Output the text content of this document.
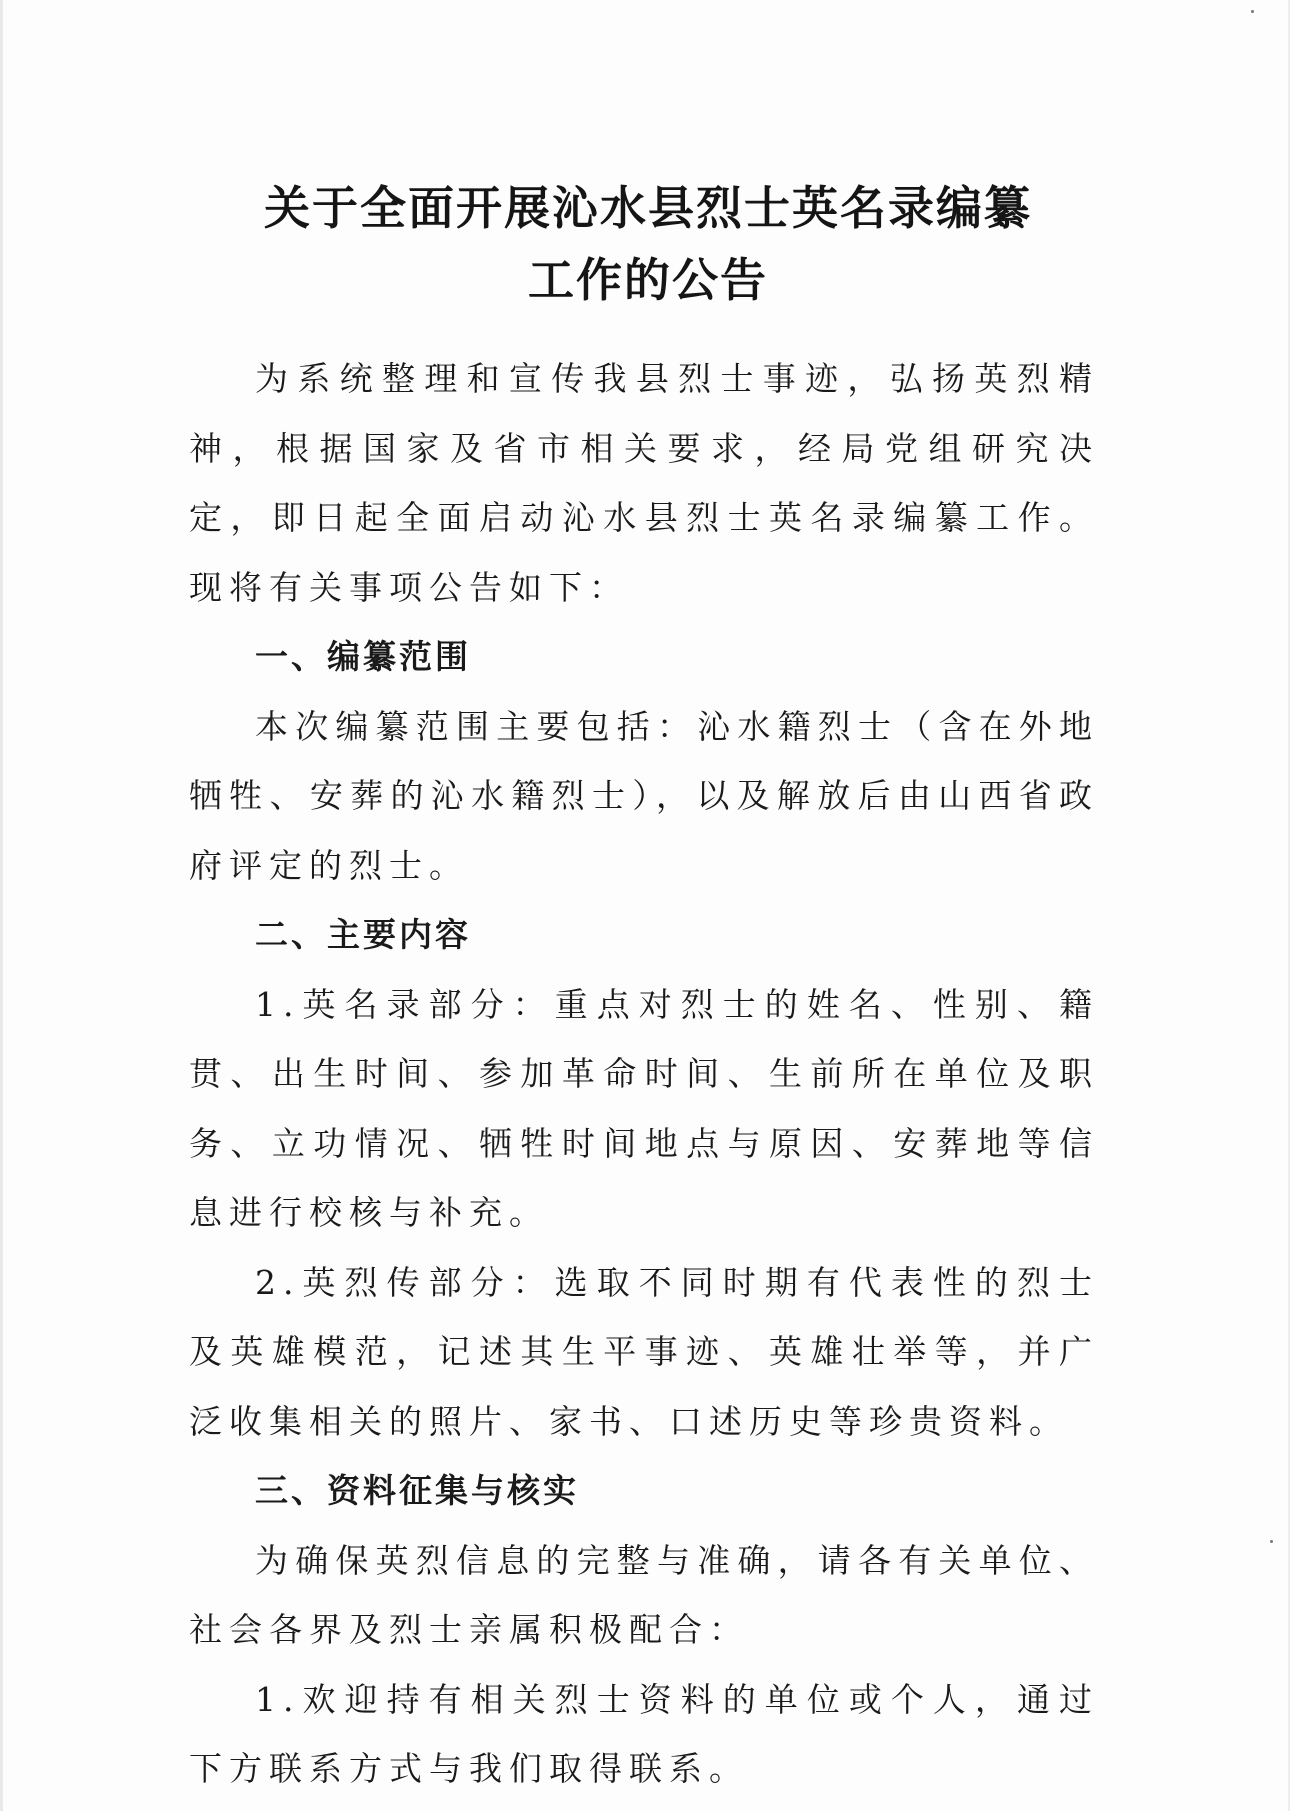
关于全面开展沁水县烈士英名录编纂
工作的公告

为系统整理和宣传我县烈士事迹，弘扬英烈精神，根据国家及省市相关要求，经局党组研究决定，即日起全面启动沁水县烈士英名录编纂工作。现将有关事项公告如下：

一、编纂范围

本次编纂范围主要包括：沁水籍烈士（含在外地牺牲、安葬的沁水籍烈士），以及解放后由山西省政府评定的烈士。

二、主要内容

1.英名录部分：重点对烈士的姓名、性别、籍贯、出生时间、参加革命时间、生前所在单位及职务、立功情况、牺牲时间地点与原因、安葬地等信息进行校核与补充。

2.英烈传部分：选取不同时期有代表性的烈士及英雄模范，记述其生平事迹、英雄壮举等，并广泛收集相关的照片、家书、口述历史等珍贵资料。

三、资料征集与核实

为确保英烈信息的完整与准确，请各有关单位、社会各界及烈士亲属积极配合：

1.欢迎持有相关烈士资料的单位或个人，通过下方联系方式与我们取得联系。
